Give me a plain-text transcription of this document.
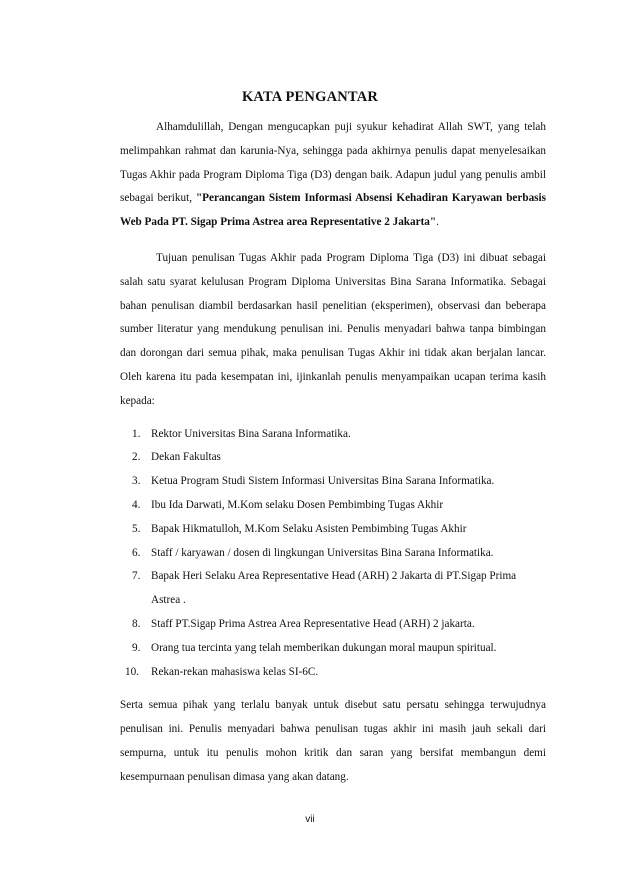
KATA PENGANTAR

Alhamdulillah, Dengan mengucapkan puji syukur kehadirat Allah SWT, yang telah melimpahkan rahmat dan karunia-Nya, sehingga pada akhirnya penulis dapat menyelesaikan Tugas Akhir pada Program Diploma Tiga (D3) dengan baik. Adapun judul yang penulis ambil sebagai berikut, "Perancangan Sistem Informasi Absensi Kehadiran Karyawan berbasis Web Pada PT. Sigap Prima Astrea area Representative 2 Jakarta".

Tujuan penulisan Tugas Akhir pada Program Diploma Tiga (D3) ini dibuat sebagai salah satu syarat kelulusan Program Diploma Universitas Bina Sarana Informatika. Sebagai bahan penulisan diambil berdasarkan hasil penelitian (eksperimen), observasi dan beberapa sumber literatur yang mendukung penulisan ini. Penulis menyadari bahwa tanpa bimbingan dan dorongan dari semua pihak, maka penulisan Tugas Akhir ini tidak akan berjalan lancar. Oleh karena itu pada kesempatan ini, ijinkanlah penulis menyampaikan ucapan terima kasih kepada:

1. Rektor Universitas Bina Sarana Informatika.
2. Dekan Fakultas
3. Ketua Program Studi Sistem Informasi Universitas Bina Sarana Informatika.
4. Ibu Ida Darwati, M.Kom selaku Dosen Pembimbing Tugas Akhir
5. Bapak Hikmatulloh, M.Kom Selaku Asisten Pembimbing Tugas Akhir
6. Staff / karyawan / dosen di lingkungan Universitas Bina Sarana Informatika.
7. Bapak Heri Selaku Area Representative Head (ARH) 2 Jakarta di PT.Sigap Prima Astrea .
8. Staff PT.Sigap Prima Astrea Area Representative Head (ARH) 2 jakarta.
9. Orang tua tercinta yang telah memberikan dukungan moral maupun spiritual.
10. Rekan-rekan mahasiswa kelas SI-6C.

Serta semua pihak yang terlalu banyak untuk disebut satu persatu sehingga terwujudnya penulisan ini. Penulis menyadari bahwa penulisan tugas akhir ini masih jauh sekali dari sempurna, untuk itu penulis mohon kritik dan saran yang bersifat membangun demi kesempurnaan penulisan dimasa yang akan datang.

vii
